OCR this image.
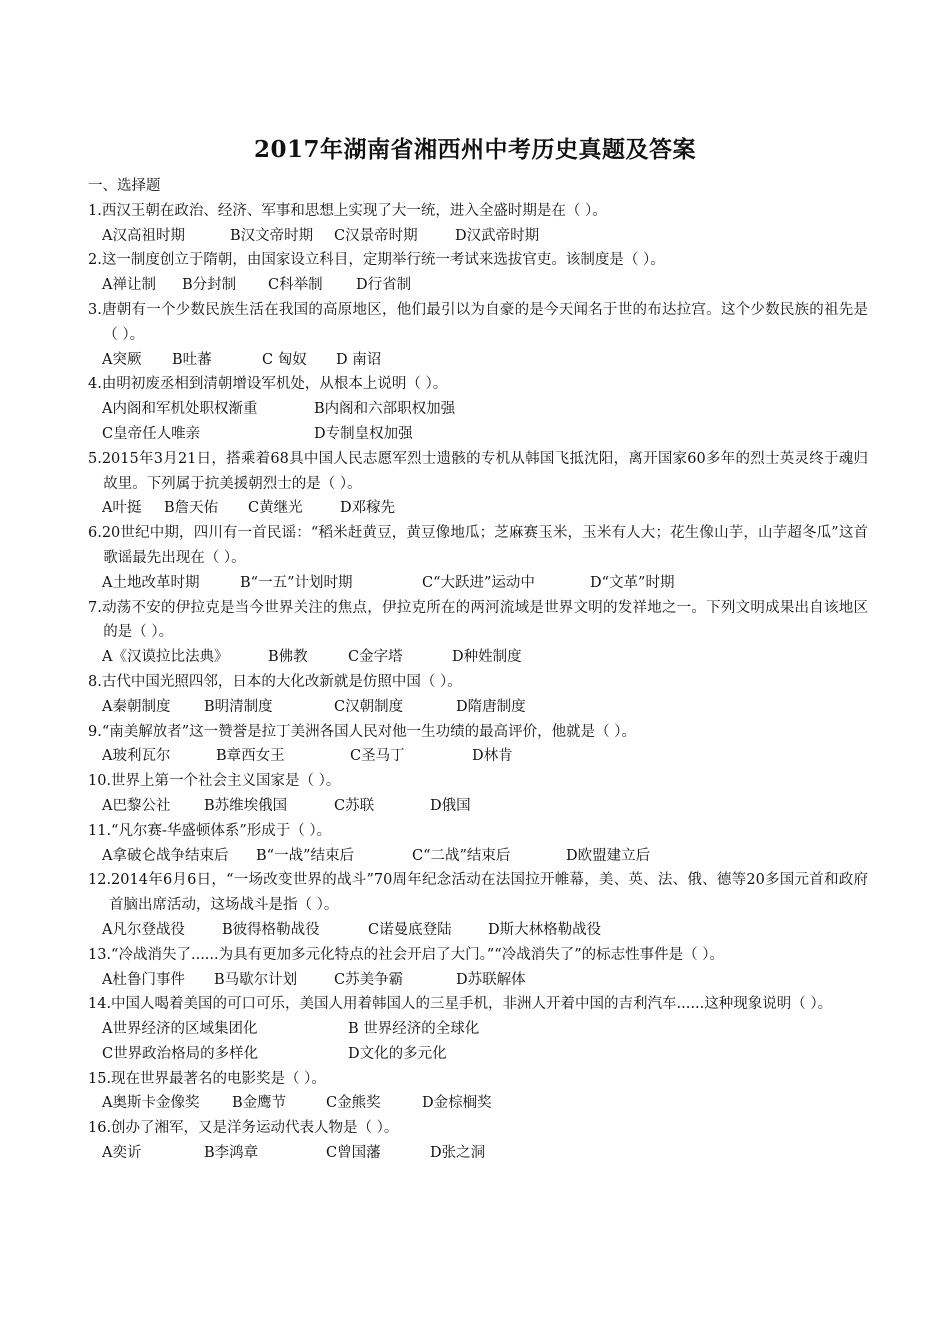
2017年湖南省湘西州中考历史真题及答案
一、选择题
1.西汉王朝在政治、经济、军事和思想上实现了大一统，进入全盛时期是在（ ）。
A汉高祖时期	B汉文帝时期 C汉景帝时期	D汉武帝时期
2.这一制度创立于隋朝，由国家设立科目，定期举行统一考试来选拔官吏。该制度是（ ）。
A禅让制 B分封制 C科举制 D行省制
3.唐朝有一个少数民族生活在我国的高原地区，他们最引以为自豪的是今天闻名于世的布达拉宫。这个少数民族的祖先是（ ）。
A突厥 B吐蕃	C 匈奴 D 南诏
4.由明初废丞相到清朝增设军机处，从根本上说明（ ）。
A内阁和军机处职权渐重	B内阁和六部职权加强
C皇帝任人唯亲	D专制皇权加强
5.2015年3月21日，搭乘着68具中国人民志愿军烈士遗骸的专机从韩国飞抵沈阳，离开国家60多年的烈士英灵终于魂归故里。下列属于抗美援朝烈士的是（ ）。
A叶挺 B詹天佑 C黄继光	D邓稼先
6.20世纪中期，四川有一首民谣：“稻米赶黄豆，黄豆像地瓜；芝麻赛玉米，玉米有人大；花生像山芋，山芋超冬瓜”这首歌谣最先出现在（ ）。
A土地改革时期	B“一五”计划时期	C“大跃进”运动中	D“文革”时期
7.动荡不安的伊拉克是当今世界关注的焦点，伊拉克所在的两河流域是世界文明的发祥地之一。下列文明成果出自该地区的是（ ）。
A《汉谟拉比法典》	B佛教	C金字塔	D种姓制度
8.古代中国光照四邻，日本的大化改新就是仿照中国（ ）。
A秦朝制度 B明清制度	C汉朝制度	D隋唐制度
9.“南美解放者”这一赞誉是拉丁美洲各国人民对他一生功绩的最高评价，他就是（ ）。
A玻利瓦尔	B章西女王	C圣马丁	D林肯
10.世界上第一个社会主义国家是（ ）。
A巴黎公社 B苏维埃俄国	C苏联	D俄国
11.“凡尔赛-华盛顿体系”形成于（ ）。
A拿破仑战争结束后 B“一战”结束后	C“二战”结束后	D欧盟建立后
12.2014年6月6日，“一场改变世界的战斗”70周年纪念活动在法国拉开帷幕，美、英、法、俄、德等20多国元首和政府首脑出席活动，这场战斗是指（ ）。
A凡尔登战役	B彼得格勒战役	C诺曼底登陆	D斯大林格勒战役
13.“冷战消失了......为具有更加多元化特点的社会开启了大门。”“冷战消失了”的标志性事件是（ ）。
A杜鲁门事件 B马歇尔计划	C苏美争霸	D苏联解体
14.中国人喝着美国的可口可乐，美国人用着韩国人的三星手机，非洲人开着中国的吉利汽车......这种现象说明（ ）。
A世界经济的区域集团化	B 世界经济的全球化
C世界政治格局的多样化	D文化的多元化
15.现在世界最著名的电影奖是（ ）。
A奥斯卡金像奖 B金鹰节	C金熊奖	D金棕榈奖
16.创办了湘军，又是洋务运动代表人物是（ ）。
A奕䜣	B李鸿章	C曾国藩	D张之洞
